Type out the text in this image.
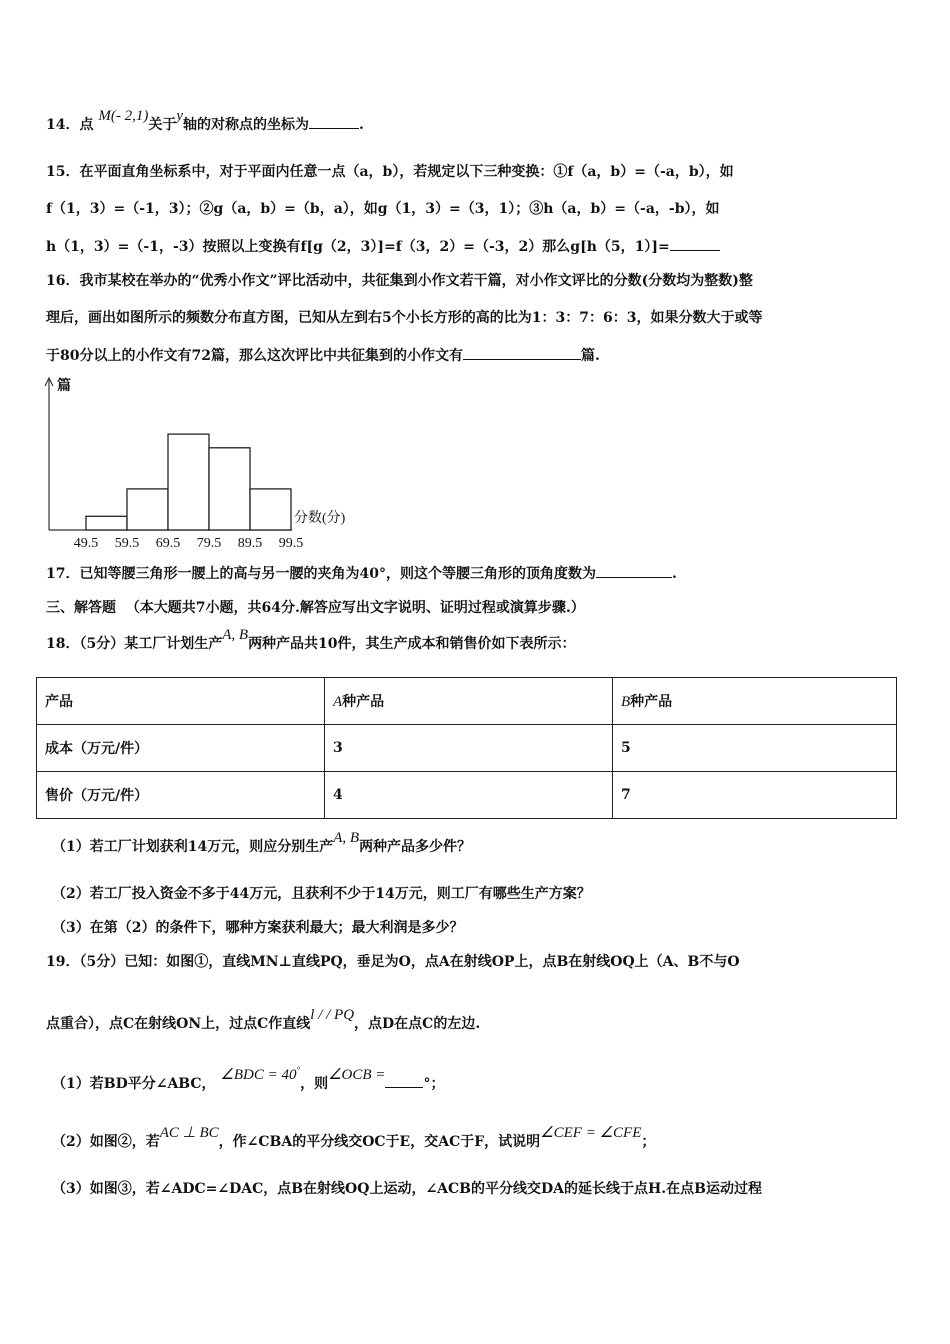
14．点 M(- 2,1)关于y轴的对称点的坐标为	.
15．在平面直角坐标系中，对于平面内任意一点（a，b），若规定以下三种变换：①f（a，b）=（-a，b），如
f（1，3）=（-1，3）；②g（a，b）=（b，a），如g（1，3）=（3，1）；③h（a，b）=（-a，-b），如
h（1，3）=（-1，-3）按照以上变换有f[g（2，3）]=f（3，2）=（-3，2）那么g[h（5，1）]=
16．我市某校在举办的“优秀小作文”评比活动中，共征集到小作文若干篇，对小作文评比的分数(分数均为整数)整
理后，画出如图所示的频数分布直方图，已知从左到右5个小长方形的高的比为1：3：7：6：3，如果分数大于或等
于80分以上的小作文有72篇，那么这次评比中共征集到的小作文有	篇.
篇
分数(分)
49.5 59.5 69.5 79.5 89.5 99.5
17．已知等腰三角形一腰上的高与另一腰的夹角为40°，则这个等腰三角形的顶角度数为	.
三、解答题 （本大题共7小题，共64分.解答应写出文字说明、证明过程或演算步骤.）
18．（5分）某工厂计划生产A, B两种产品共10件，其生产成本和销售价如下表所示：
产品	A种产品	B种产品
成本（万元/件）	3	5
售价（万元/件）	4	7
（1）若工厂计划获利14万元，则应分别生产A, B两种产品多少件？
（2）若工厂投入资金不多于44万元，且获利不少于14万元，则工厂有哪些生产方案？
（3）在第（2）的条件下，哪种方案获利最大；最大利润是多少？
19．（5分）已知：如图①，直线MN⊥直线PQ，垂足为O，点A在射线OP上，点B在射线OQ上（A、B不与O
点重合），点C在射线ON上，过点C作直线l / / PQ，点D在点C的左边.
（1）若BD平分∠ABC， ∠BDC = 40°，则∠OCB =°；
（2）如图②，若AC ⊥ BC，作∠CBA的平分线交OC于E，交AC于F，试说明∠CEF = ∠CFE；
（3）如图③，若∠ADC=∠DAC，点B在射线OQ上运动，∠ACB的平分线交DA的延长线于点H.在点B运动过程
